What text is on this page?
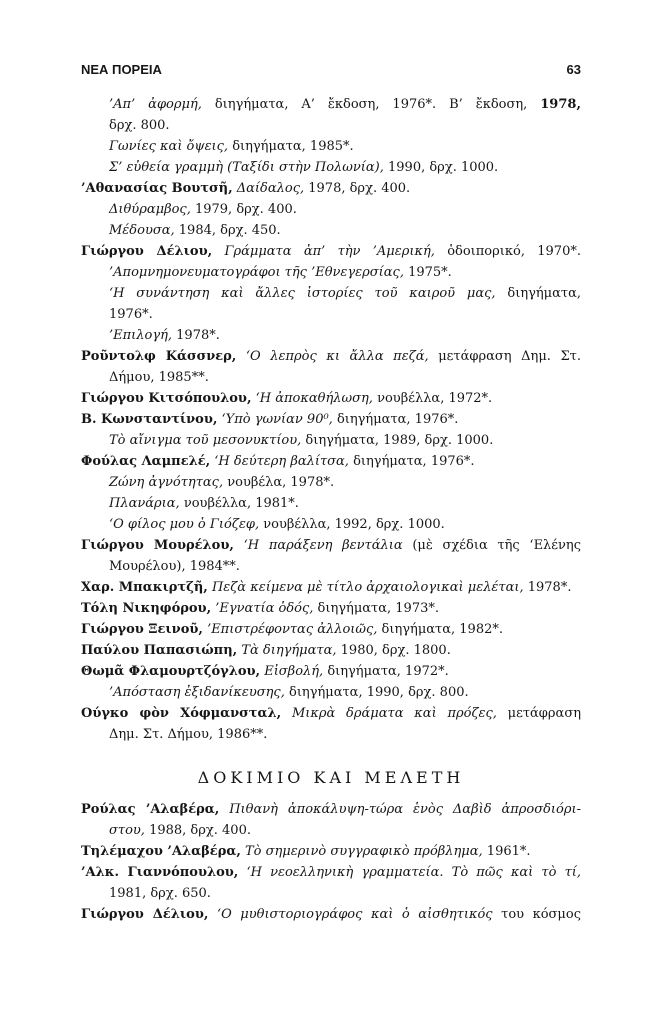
ΝΕΑ ΠΟΡΕΙΑ	63
’Απ’ ἀφορμή, διηγήματα, Α’ ἔκδοση, 1976*. Β’ ἔκδοση, 1978,
δρχ. 800.
Γωνίες καὶ ὄψεις, διηγήματα, 1985*.
Σ’ εὐθεία γραμμὴ (Ταξίδι στὴν Πολωνία), 1990, δρχ. 1000.
’Αθανασίας Βουτσῆ, Δαίδαλος, 1978, δρχ. 400.
Διθύραμβος, 1979, δρχ. 400.
Μέδουσα, 1984, δρχ. 450.
Γιώργου Δέλιου, Γράμματα ἀπ’ τὴν ’Αμερική, ὁδοιπορικό, 1970*.
’Απομνημονευματογράφοι τῆς ’Εθνεγερσίας, 1975*.
‘Η συνάντηση καὶ ἄλλες ἱστορίες τοῦ καιροῦ μας, διηγήματα,
1976*.
’Επιλογή, 1978*.
Ροῦντολφ Κάσσνερ, ‘Ο λεπρὸς κι ἄλλα πεζά, μετάφραση Δημ. Στ.
Δήμου, 1985**.
Γιώργου Κιτσόπουλου, ‘Η ἀποκαθήλωση, νουβέλλα, 1972*.
Β. Κωνσταντίνου, ‘Υπὸ γωνίαν 90⁰, διηγήματα, 1976*.
Τὸ αἴνιγμα τοῦ μεσονυκτίου, διηγήματα, 1989, δρχ. 1000.
Φούλας Λαμπελέ, ‘Η δεύτερη βαλίτσα, διηγήματα, 1976*.
Ζώνη ἀγνότητας, νουβέλα, 1978*.
Πλανάρια, νουβέλλα, 1981*.
‘Ο φίλος μου ὁ Γιόζεφ, νουβέλλα, 1992, δρχ. 1000.
Γιώργου Μουρέλου, ‘Η παράξενη βεντάλια (μὲ σχέδια τῆς ‘Ελένης
Μουρέλου), 1984**.
Χαρ. Μπακιρτζῆ, Πεζὰ κείμενα μὲ τίτλο ἀρχαιολογικαὶ μελέται, 1978*.
Τόλη Νικηφόρου, ’Εγνατία ὁδός, διηγήματα, 1973*.
Γιώργου Ξεινοῦ, ’Επιστρέφοντας ἀλλοιῶς, διηγήματα, 1982*.
Παύλου Παπασιώπη, Τὰ διηγήματα, 1980, δρχ. 1800.
Θωμᾶ Φλαμουρτζόγλου, Εἰσβολή, διηγήματα, 1972*.
’Απόσταση ἐξιδανίκευσης, διηγήματα, 1990, δρχ. 800.
Ούγκο φὸν Χόφμανσταλ, Μικρὰ δράματα καὶ πρόζες, μετάφραση
Δημ. Στ. Δήμου, 1986**.
ΔΟΚΙΜΙΟ ΚΑΙ ΜΕΛΕΤΗ
Ρούλας ’Αλαβέρα, Πιθανὴ ἀποκάλυψη-τώρα ἑνὸς Δαβὶδ ἀπροσδιόρι-
στου, 1988, δρχ. 400.
Τηλέμαχου ’Αλαβέρα, Τὸ σημερινὸ συγγραφικὸ πρόβλημα, 1961*.
’Αλκ. Γιαννόπουλου, ‘Η νεοελληνικὴ γραμματεία. Τὸ πῶς καὶ τὸ τί,
1981, δρχ. 650.
Γιώργου Δέλιου, ‘Ο μυθιστοριογράφος καὶ ὁ αἰσθητικός του κόσμος
